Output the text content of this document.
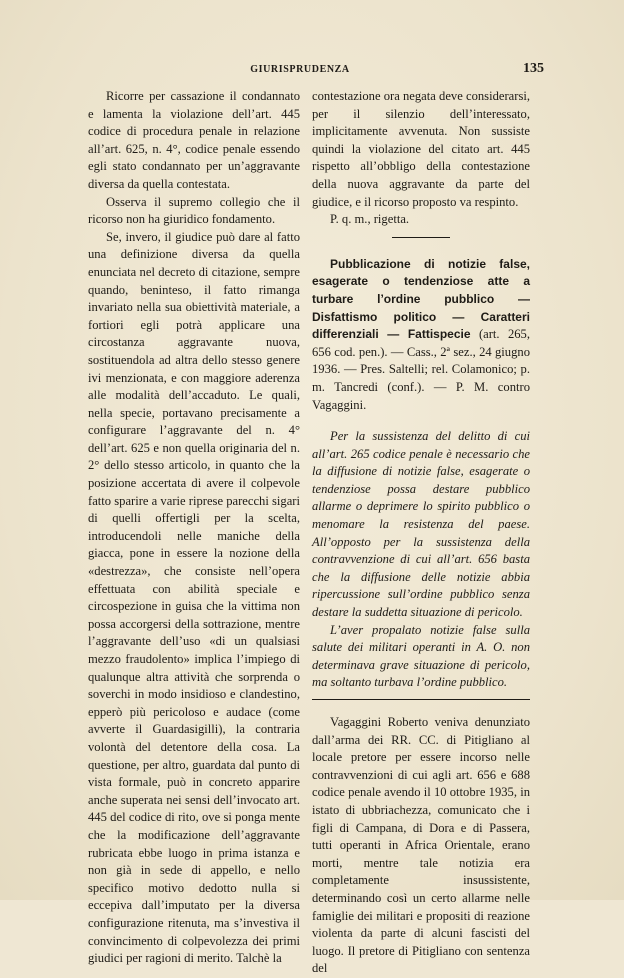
GIURISPRUDENZA	135

Ricorre per cassazione il condannato e lamenta la violazione dell’art. 445 codice di procedura penale in relazione all’art. 625, n. 4°, codice penale essendo egli stato condannato per un’aggravante diversa da quella contestata.

Osserva il supremo collegio che il ricorso non ha giuridico fondamento.

Se, invero, il giudice può dare al fatto una definizione diversa da quella enunciata nel decreto di citazione, sempre quando, beninteso, il fatto rimanga invariato nella sua obiettività materiale, a fortiori egli potrà applicare una circostanza aggravante nuova, sostituendola ad altra dello stesso genere ivi menzionata, e con maggiore aderenza alle modalità dell’accaduto. Le quali, nella specie, portavano precisamente a configurare l’aggravante del n. 4° dell’art. 625 e non quella originaria del n. 2° dello stesso articolo, in quanto che la posizione accertata di avere il colpevole fatto sparire a varie riprese parecchi sigari di quelli offertigli per la scelta, introducendoli nelle maniche della giacca, pone in essere la nozione della «destrezza», che consiste nell’opera effettuata con abilità speciale e circospezione in guisa che la vittima non possa accorgersi della sottrazione, mentre l’aggravante dell’uso «di un qualsiasi mezzo fraudolento» implica l’impiego di qualunque altra attività che sorprenda o soverchi in modo insidioso e clandestino, epperò più pericoloso e audace (come avverte il Guardasigilli), la contraria volontà del detentore della cosa. La questione, per altro, guardata dal punto di vista formale, può in concreto apparire anche superata nei sensi dell’invocato art. 445 del codice di rito, ove si ponga mente che la modificazione dell’aggravante rubricata ebbe luogo in prima istanza e non già in sede di appello, e nello specifico motivo dedotto nulla si eccepiva dall’imputato per la diversa configurazione ritenuta, ma s’investiva il convincimento di colpevolezza dei primi giudici per ragioni di merito. Talchè la

contestazione ora negata deve considerarsi, per il silenzio dell’interessato, implicitamente avvenuta. Non sussiste quindi la violazione del citato art. 445 rispetto all’obbligo della contestazione della nuova aggravante da parte del giudice, e il ricorso proposto va respinto.

P. q. m., rigetta.

Pubblicazione di notizie false, esagerate o tendenziose atte a turbare l’ordine pubblico — Disfattismo politico — Caratteri differenziali — Fattispecie (art. 265, 656 cod. pen.). — Cass., 2ª sez., 24 giugno 1936. — Pres. Saltelli; rel. Colamonico; p. m. Tancredi (conf.). — P. M. contro Vagaggini.

Per la sussistenza del delitto di cui all’art. 265 codice penale è necessario che la diffusione di notizie false, esagerate o tendenziose possa destare pubblico allarme o deprimere lo spirito pubblico o menomare la resistenza del paese. All’opposto per la sussistenza della contravvenzione di cui all’art. 656 basta che la diffusione delle notizie abbia ripercussione sull’ordine pubblico senza destare la suddetta situazione di pericolo.

L’aver propalato notizie false sulla salute dei militari operanti in A. O. non determinava grave situazione di pericolo, ma soltanto turbava l’ordine pubblico.

Vagaggini Roberto veniva denunziato dall’arma dei RR. CC. di Pitigliano al locale pretore per essere incorso nelle contravvenzioni di cui agli art. 656 e 688 codice penale avendo il 10 ottobre 1935, in istato di ubbriachezza, comunicato che i figli di Campana, di Dora e di Passera, tutti operanti in Africa Orientale, erano morti, mentre tale notizia era completamente insussistente, determinando così un certo allarme nelle famiglie dei militari e propositi di reazione violenta da parte di alcuni fascisti del luogo. Il pretore di Pitigliano con sentenza del
